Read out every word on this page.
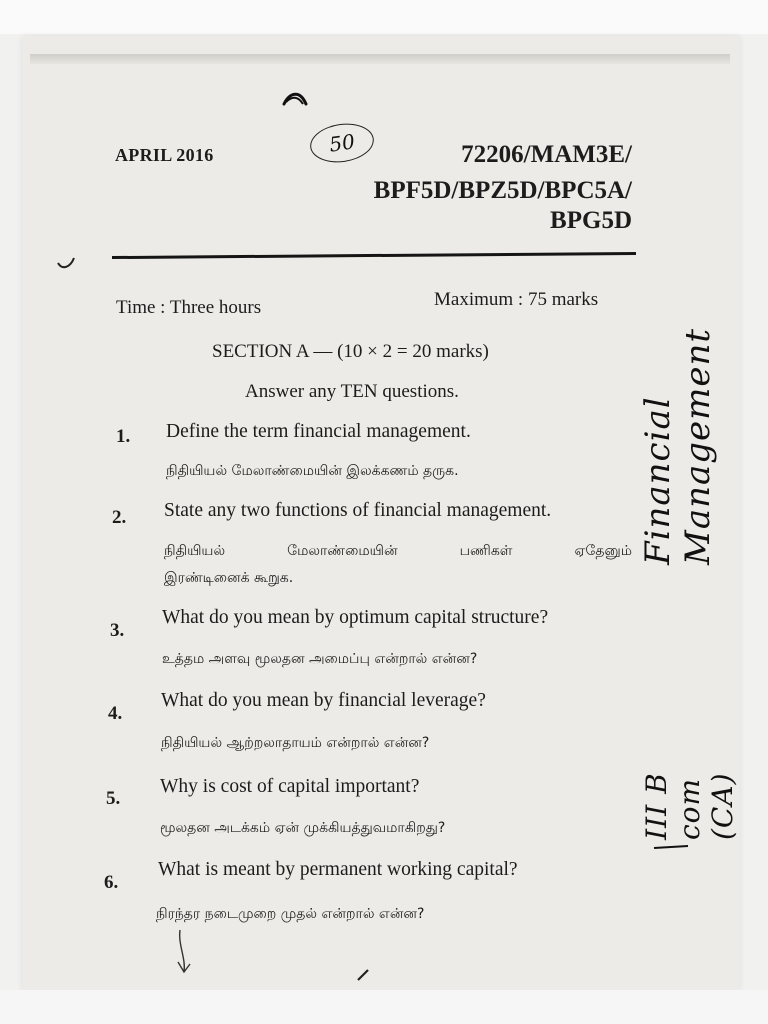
50
APRIL 2016	72206/MAM3E/
BPF5D/BPZ5D/BPC5A/
BPG5D
Time : Three hours	Maximum : 75 marks
SECTION A — (10 × 2 = 20 marks)
Answer any TEN questions.
1. Define the term financial management.
நிதியியல் மேலாண்மையின் இலக்கணம் தருக.
2. State any two functions of financial management.
நிதியியல்	மேலாண்மையின்	பணிகள்	ஏதேனும்
இரண்டினைக் கூறுக.
3.
What do you mean by optimum capital structure?
உத்தம அளவு மூலதன அமைப்பு என்றால் என்ன?
4.
What do you mean by financial leverage?
நிதியியல் ஆற்றலாதாயம் என்றால் என்ன?
5.
Why is cost of capital important?
மூலதன அடக்கம் ஏன் முக்கியத்துவமாகிறது?
6.
What is meant by permanent working capital?
நிரந்தர நடைமுறை முதல் என்றால் என்ன?
Financial Management
III B com (CA)
